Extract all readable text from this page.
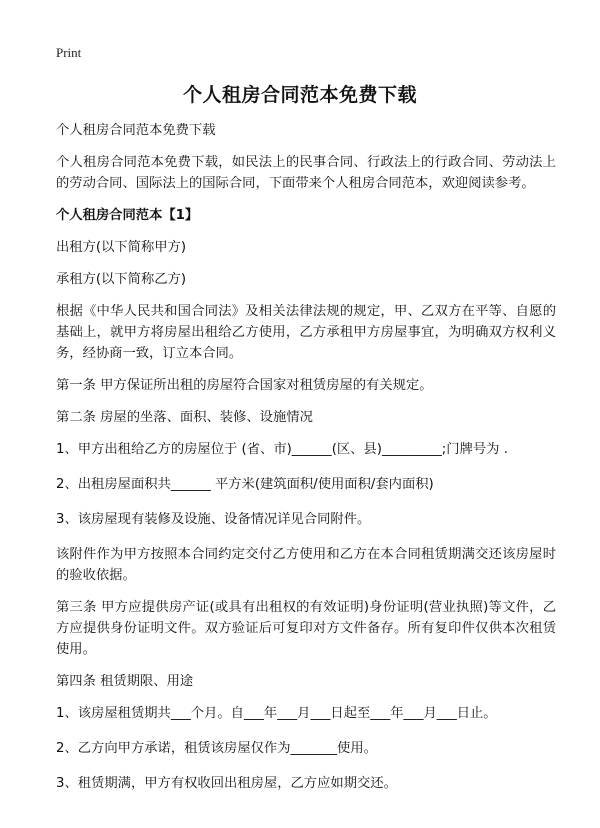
Print
个人租房合同范本免费下载

个人租房合同范本免费下载

个人租房合同范本免费下载，如民法上的民事合同、行政法上的行政合同、劳动法上的劳动合同、国际法上的国际合同，下面带来个人租房合同范本，欢迎阅读参考。

个人租房合同范本【1】

出租方(以下简称甲方)

承租方(以下简称乙方)

根据《中华人民共和国合同法》及相关法律法规的规定，甲、乙双方在平等、自愿的基础上，就甲方将房屋出租给乙方使用，乙方承租甲方房屋事宜，为明确双方权利义务，经协商一致，订立本合同。

第一条 甲方保证所出租的房屋符合国家对租赁房屋的有关规定。

第二条 房屋的坐落、面积、装修、设施情况

1、甲方出租给乙方的房屋位于 (省、市)______(区、县)_________;门牌号为 .

2、出租房屋面积共______ 平方米(建筑面积/使用面积/套内面积)

3、该房屋现有装修及设施、设备情况详见合同附件。

该附件作为甲方按照本合同约定交付乙方使用和乙方在本合同租赁期满交还该房屋时的验收依据。

第三条 甲方应提供房产证(或具有出租权的有效证明)身份证明(营业执照)等文件，乙方应提供身份证明文件。双方验证后可复印对方文件备存。所有复印件仅供本次租赁使用。

第四条 租赁期限、用途

1、该房屋租赁期共___个月。自___年___月___日起至___年___月___日止。

2、乙方向甲方承诺，租赁该房屋仅作为_______使用。

3、租赁期满，甲方有权收回出租房屋，乙方应如期交还。
